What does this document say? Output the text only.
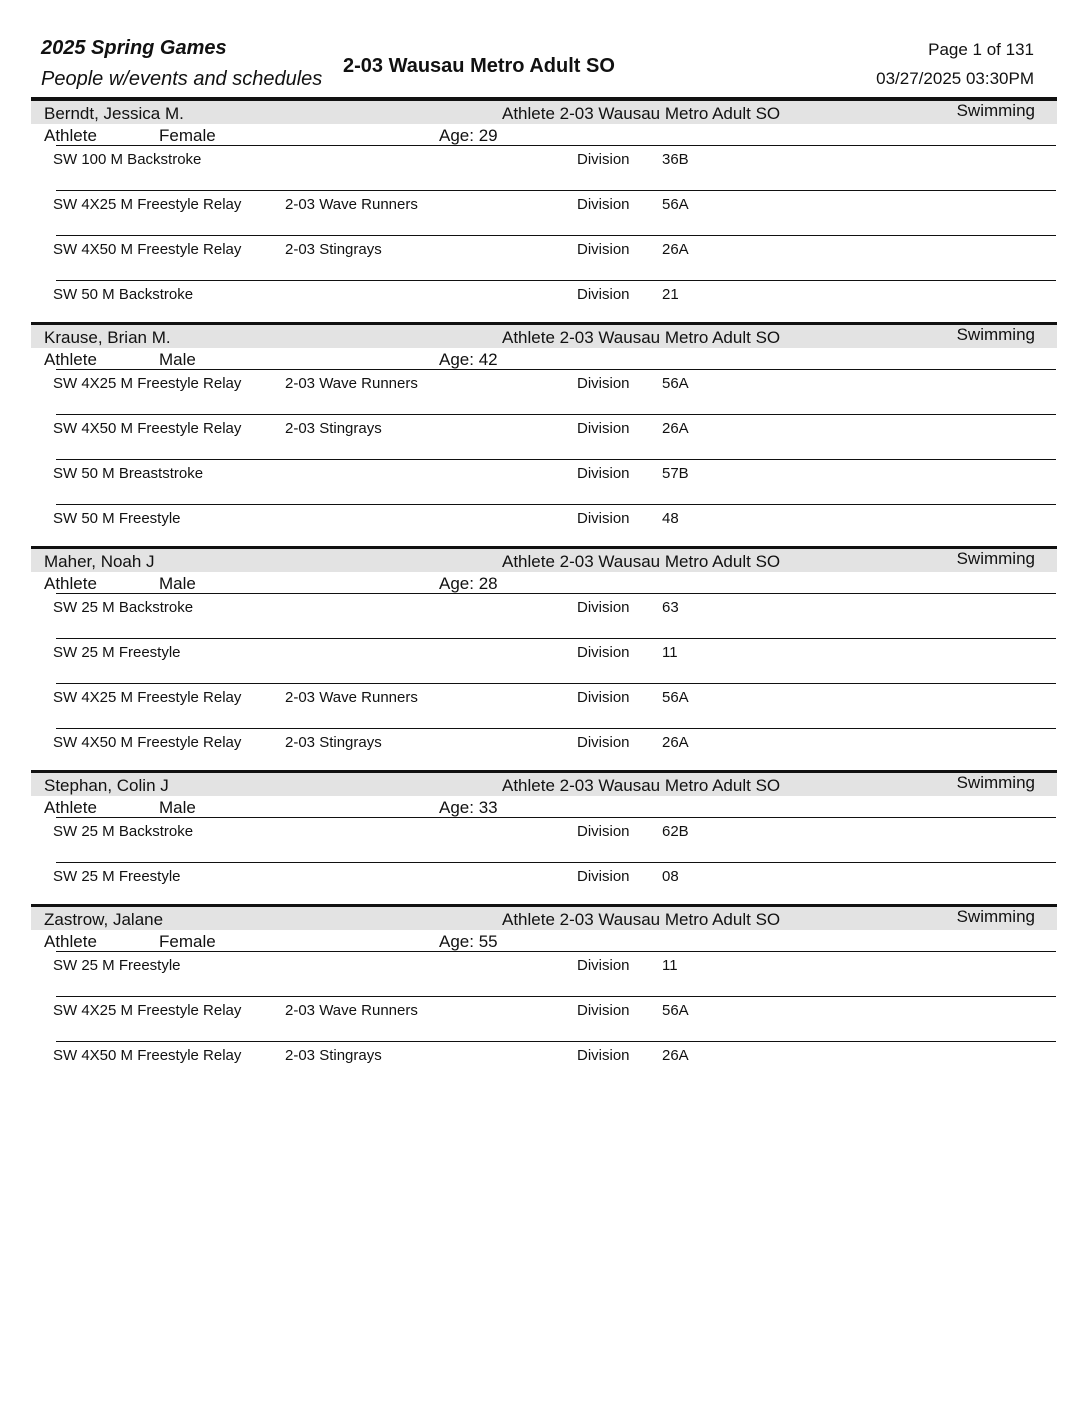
2025 Spring Games
People w/events and schedules
2-03 Wausau Metro Adult SO
Page 1 of 131
03/27/2025 03:30PM
Berndt, Jessica M.	Athlete 2-03 Wausau Metro Adult SO	Swimming
Athlete	Female	Age: 29
SW 100 M Backstroke	Division 36B
SW 4X25 M Freestyle Relay	2-03 Wave Runners	Division 56A
SW 4X50 M Freestyle Relay	2-03 Stingrays	Division 26A
SW 50 M Backstroke	Division 21
Krause, Brian M.	Athlete 2-03 Wausau Metro Adult SO	Swimming
Athlete	Male	Age: 42
SW 4X25 M Freestyle Relay	2-03 Wave Runners	Division 56A
SW 4X50 M Freestyle Relay	2-03 Stingrays	Division 26A
SW 50 M Breaststroke	Division 57B
SW 50 M Freestyle	Division 48
Maher, Noah J	Athlete 2-03 Wausau Metro Adult SO	Swimming
Athlete	Male	Age: 28
SW 25 M Backstroke	Division 63
SW 25 M Freestyle	Division 11
SW 4X25 M Freestyle Relay	2-03 Wave Runners	Division 56A
SW 4X50 M Freestyle Relay	2-03 Stingrays	Division 26A
Stephan, Colin J	Athlete 2-03 Wausau Metro Adult SO	Swimming
Athlete	Male	Age: 33
SW 25 M Backstroke	Division 62B
SW 25 M Freestyle	Division 08
Zastrow, Jalane	Athlete 2-03 Wausau Metro Adult SO	Swimming
Athlete	Female	Age: 55
SW 25 M Freestyle	Division 11
SW 4X25 M Freestyle Relay	2-03 Wave Runners	Division 56A
SW 4X50 M Freestyle Relay	2-03 Stingrays	Division 26A
